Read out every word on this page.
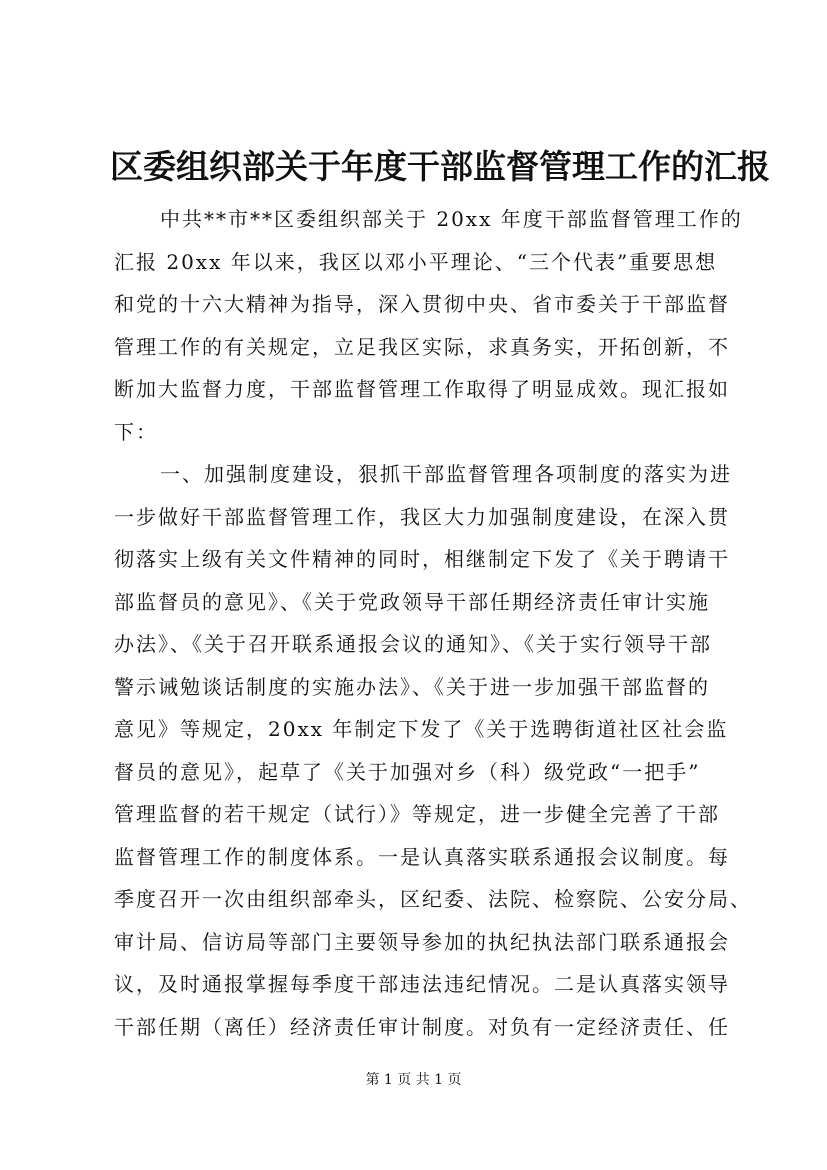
区委组织部关于年度干部监督管理工作的汇报
中共**市**区委组织部关于 20xx 年度干部监督管理工作的
汇报 20xx 年以来，我区以邓小平理论、“三个代表”重要思想
和党的十六大精神为指导，深入贯彻中央、省市委关于干部监督
管理工作的有关规定，立足我区实际，求真务实，开拓创新，不
断加大监督力度，干部监督管理工作取得了明显成效。现汇报如
下：
一、加强制度建设，狠抓干部监督管理各项制度的落实为进
一步做好干部监督管理工作，我区大力加强制度建设，在深入贯
彻落实上级有关文件精神的同时，相继制定下发了《关于聘请干
部监督员的意见》、《关于党政领导干部任期经济责任审计实施
办法》、《关于召开联系通报会议的通知》、《关于实行领导干部
警示诫勉谈话制度的实施办法》、《关于进一步加强干部监督的
意见》等规定，20xx 年制定下发了《关于选聘街道社区社会监
督员的意见》，起草了《关于加强对乡（科）级党政“一把手”
管理监督的若干规定（试行）》等规定，进一步健全完善了干部
监督管理工作的制度体系。一是认真落实联系通报会议制度。每
季度召开一次由组织部牵头，区纪委、法院、检察院、公安分局、
审计局、信访局等部门主要领导参加的执纪执法部门联系通报会
议，及时通报掌握每季度干部违法违纪情况。二是认真落实领导
干部任期（离任）经济责任审计制度。对负有一定经济责任、任
第 1 页 共 1 页
